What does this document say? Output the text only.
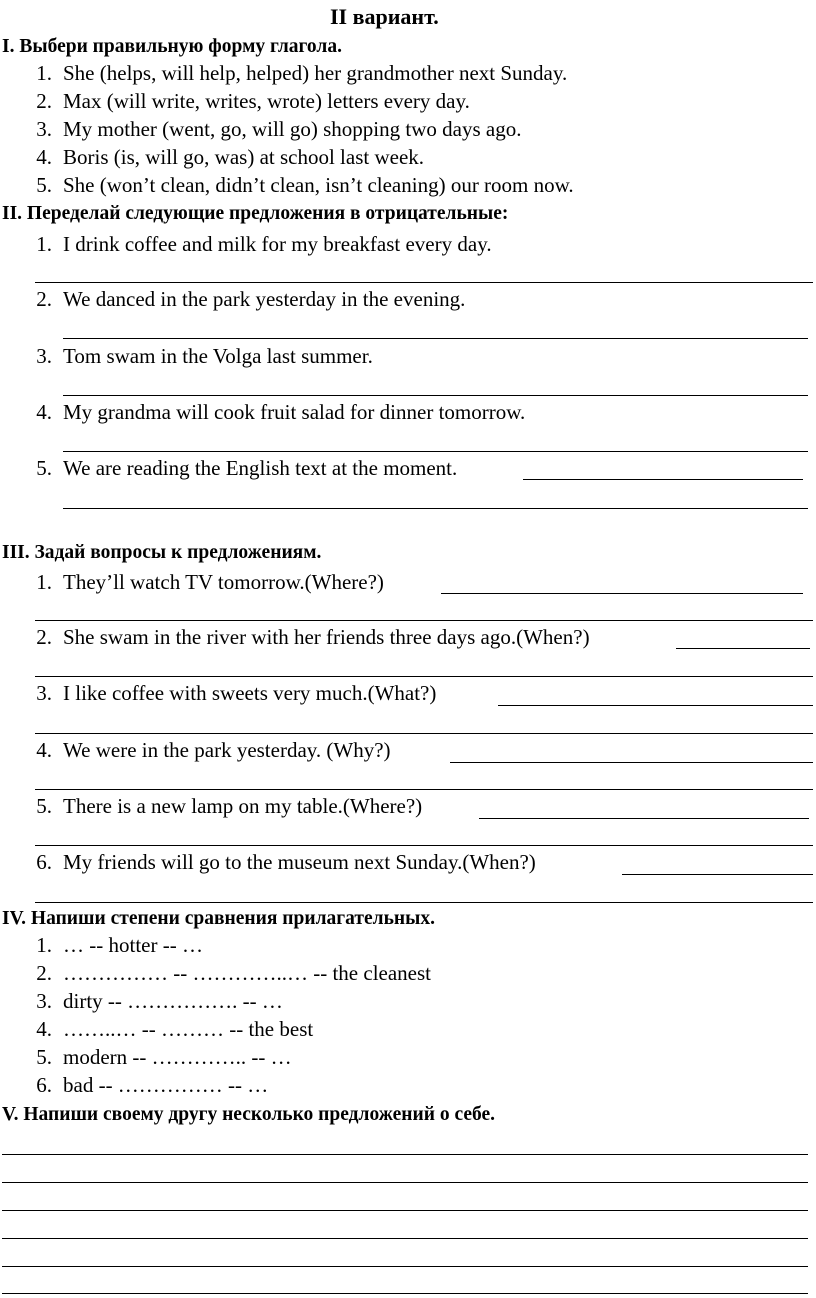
II вариант.
I. Выбери правильную форму глагола.
1. She (helps, will help, helped) her grandmother next Sunday.
2. Max (will write, writes, wrote) letters every day.
3. My mother (went, go, will go) shopping two days ago.
4. Boris (is, will go, was) at school last week.
5. She (won’t clean, didn’t clean, isn’t cleaning) our room now.
II. Переделай следующие предложения в отрицательные:
1. I drink coffee and milk for my breakfast every day.
2. We danced in the park yesterday in the evening.
3. Tom swam in the Volga last summer.
4. My grandma will cook fruit salad for dinner tomorrow.
5. We are reading the English text at the moment.
III. Задай вопросы к предложениям.
1. They’ll watch TV tomorrow.(Where?)
2. She swam in the river with her friends three days ago.(When?)
3. I like coffee with sweets very much.(What?)
4. We were in the park yesterday. (Why?)
5. There is a new lamp on my table.(Where?)
6. My friends will go to the museum next Sunday.(When?)
IV. Напиши степени сравнения прилагательных.
1. … -- hotter -- …
2. …………… -- …………..… -- the cleanest
3. dirty -- ……………. -- …
4. ……..… -- ……… -- the best
5. modern -- ………….. -- …
6. bad -- …………… -- …
V. Напиши своему другу несколько предложений о себе.
